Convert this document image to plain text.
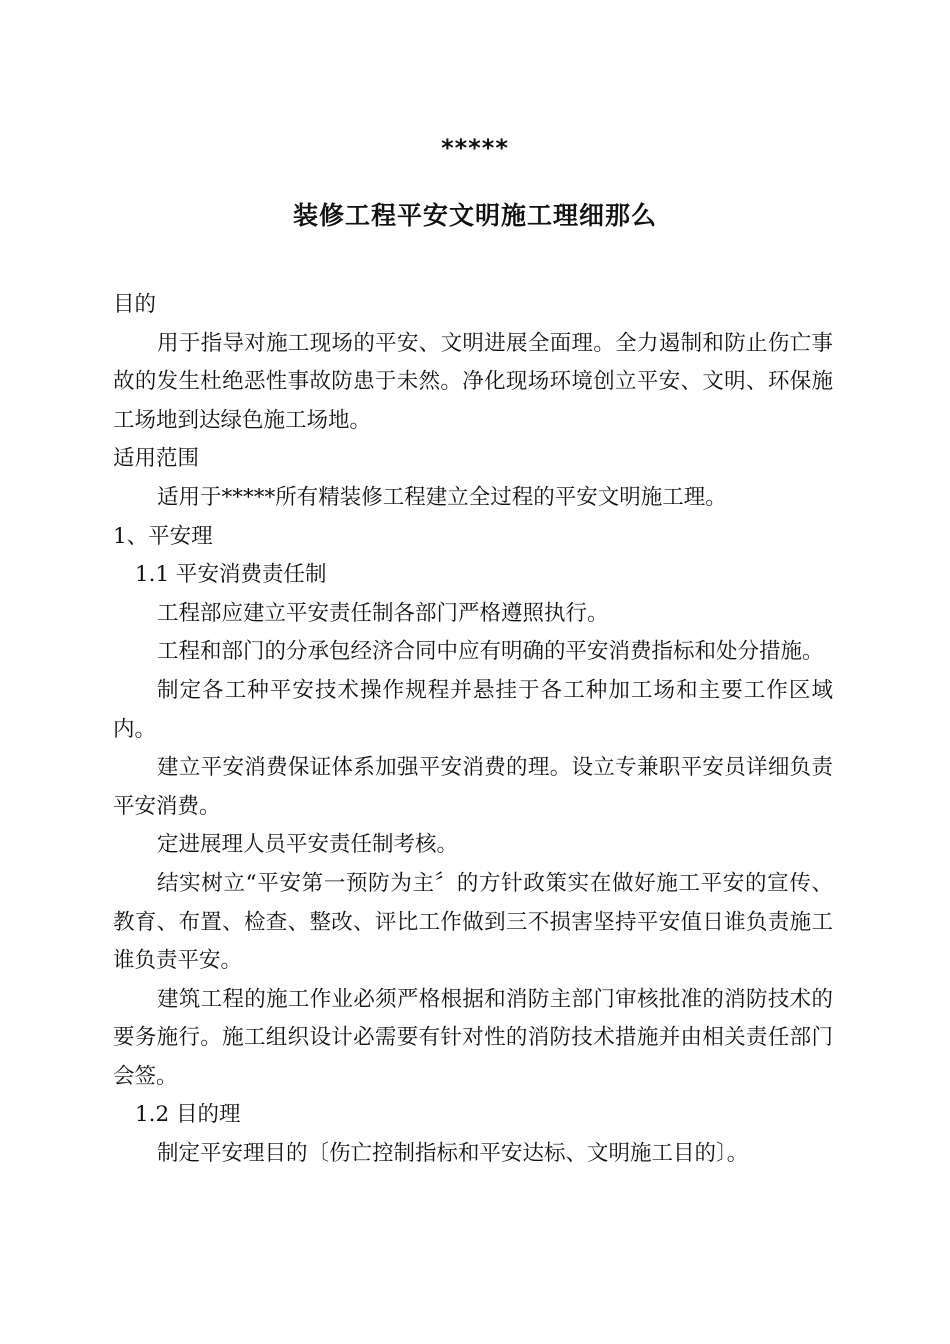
*****
装修工程平安文明施工理细那么

目的

用于指导对施工现场的平安、文明进展全面理。全力遏制和防止伤亡事故的发生杜绝恶性事故防患于未然。净化现场环境创立平安、文明、环保施工场地到达绿色施工场地。

适用范围

适用于*****所有精装修工程建立全过程的平安文明施工理。

1、平安理

1.1 平安消费责任制

工程部应建立平安责任制各部门严格遵照执行。

工程和部门的分承包经济合同中应有明确的平安消费指标和处分措施。

制定各工种平安技术操作规程并悬挂于各工种加工场和主要工作区域内。

建立平安消费保证体系加强平安消费的理。设立专兼职平安员详细负责平安消费。

定进展理人员平安责任制考核。

结实树立“平安第一预防为主〞的方针政策实在做好施工平安的宣传、教育、布置、检查、整改、评比工作做到三不损害坚持平安值日谁负责施工谁负责平安。

建筑工程的施工作业必须严格根据和消防主部门审核批准的消防技术的要务施行。施工组织设计必需要有针对性的消防技术措施并由相关责任部门会签。

1.2 目的理

制定平安理目的〔伤亡控制指标和平安达标、文明施工目的〕。
